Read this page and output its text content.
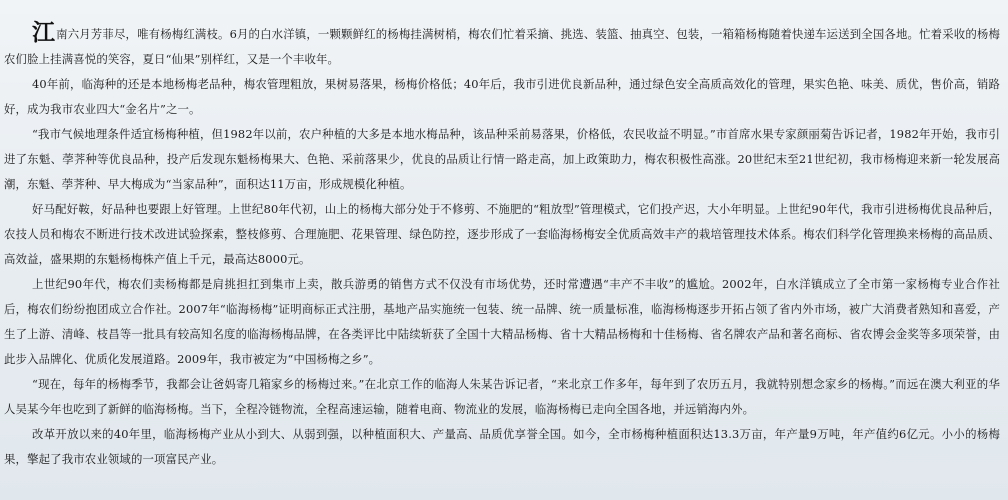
江南六月芳菲尽，唯有杨梅红满枝。6月的白水洋镇，一颗颗鲜红的杨梅挂满树梢，梅农们忙着采摘、挑选、装篮、抽真空、包装，一箱箱杨梅随着快递车运送到全国各地。忙着采收的杨梅农们脸上挂满喜悦的笑容，夏日“仙果”别样红，又是一个丰收年。

40年前，临海种的还是本地杨梅老品种，梅农管理粗放，果树易落果，杨梅价格低；40年后，我市引进优良新品种，通过绿色安全高质高效化的管理，果实色艳、味美、质优，售价高，销路好，成为我市农业四大“金名片”之一。

“我市气候地理条件适宜杨梅种植，但1982年以前，农户种植的大多是本地水梅品种，该品种采前易落果，价格低，农民收益不明显。”市首席水果专家颜丽菊告诉记者，1982年开始，我市引进了东魁、荸荠种等优良品种，投产后发现东魁杨梅果大、色艳、采前落果少，优良的品质让行情一路走高，加上政策助力，梅农积极性高涨。20世纪末至21世纪初，我市杨梅迎来新一轮发展高潮，东魁、荸荠种、早大梅成为“当家品种”，面积达11万亩，形成规模化种植。

好马配好鞍，好品种也要跟上好管理。上世纪80年代初，山上的杨梅大部分处于不修剪、不施肥的“粗放型”管理模式，它们投产迟，大小年明显。上世纪90年代，我市引进杨梅优良品种后，农技人员和梅农不断进行技术改进试验探索，整枝修剪、合理施肥、花果管理、绿色防控，逐步形成了一套临海杨梅安全优质高效丰产的栽培管理技术体系。梅农们科学化管理换来杨梅的高品质、高效益，盛果期的东魁杨梅株产值上千元，最高达8000元。

上世纪90年代，梅农们卖杨梅都是肩挑担扛到集市上卖，散兵游勇的销售方式不仅没有市场优势，还时常遭遇“丰产不丰收”的尴尬。2002年，白水洋镇成立了全市第一家杨梅专业合作社后，梅农们纷纷抱团成立合作社。2007年“临海杨梅”证明商标正式注册，基地产品实施统一包装、统一品牌、统一质量标准，临海杨梅逐步开拓占领了省内外市场，被广大消费者熟知和喜爱，产生了上游、清峰、枝昌等一批具有较高知名度的临海杨梅品牌，在各类评比中陆续斩获了全国十大精品杨梅、省十大精品杨梅和十佳杨梅、省名牌农产品和著名商标、省农博会金奖等多项荣誉，由此步入品牌化、优质化发展道路。2009年，我市被定为“中国杨梅之乡”。

“现在，每年的杨梅季节，我都会让爸妈寄几箱家乡的杨梅过来。”在北京工作的临海人朱某告诉记者，“来北京工作多年，每年到了农历五月，我就特别想念家乡的杨梅。”而远在澳大利亚的华人吴某今年也吃到了新鲜的临海杨梅。当下，全程冷链物流，全程高速运输，随着电商、物流业的发展，临海杨梅已走向全国各地，并远销海内外。

改革开放以来的40年里，临海杨梅产业从小到大、从弱到强，以种植面积大、产量高、品质优享誉全国。如今，全市杨梅种植面积达13.3万亩，年产量9万吨，年产值约6亿元。小小的杨梅果，擎起了我市农业领域的一项富民产业。
